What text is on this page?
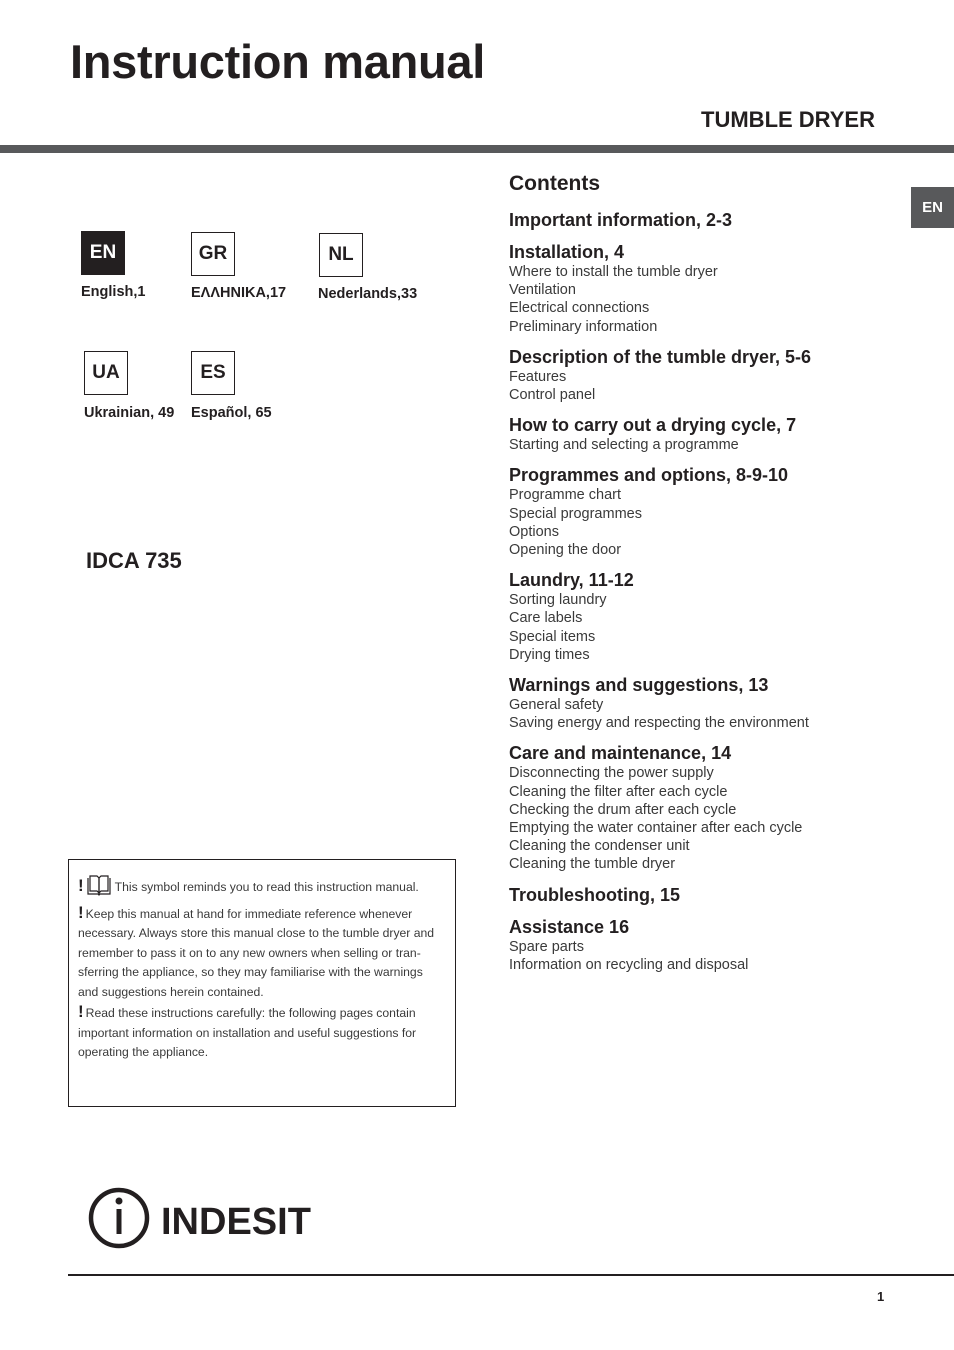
Instruction manual
TUMBLE DRYER
EN
EN
English,1
GR
ΕΛΛΗΝΙΚΑ,17
NL
Nederlands,33
UA
Ukrainian, 49
ES
Español, 65
IDCA 735

!	This symbol reminds you to read this instruction manual.

! Keep this manual at hand for immediate reference whenever necessary. Always store this manual close to the tumble dryer and remember to pass it on to any new owners when selling or tran-sferring the appliance, so they may familiarise with the warnings and suggestions herein contained.

! Read these instructions carefully: the following pages contain important information on installation and useful suggestions for operating the appliance.

Contents
Important information, 2-3
Installation, 4
Where to install the tumble dryer
Ventilation
Electrical connections
Preliminary information
Description of the tumble dryer, 5-6
Features
Control panel
How to carry out a drying cycle, 7
Starting and selecting a programme
Programmes and options, 8-9-10
Programme chart
Special programmes
Options
Opening the door
Laundry, 11-12
Sorting laundry
Care labels
Special items
Drying times
Warnings and suggestions, 13
General safety
Saving energy and respecting the environment
Care and maintenance, 14
Disconnecting the power supply
Cleaning the filter after each cycle
Checking the drum after each cycle
Emptying the water container after each cycle
Cleaning the condenser unit
Cleaning the tumble dryer
Troubleshooting, 15
Assistance 16
Spare parts
Information on recycling and disposal
INDESIT
1
